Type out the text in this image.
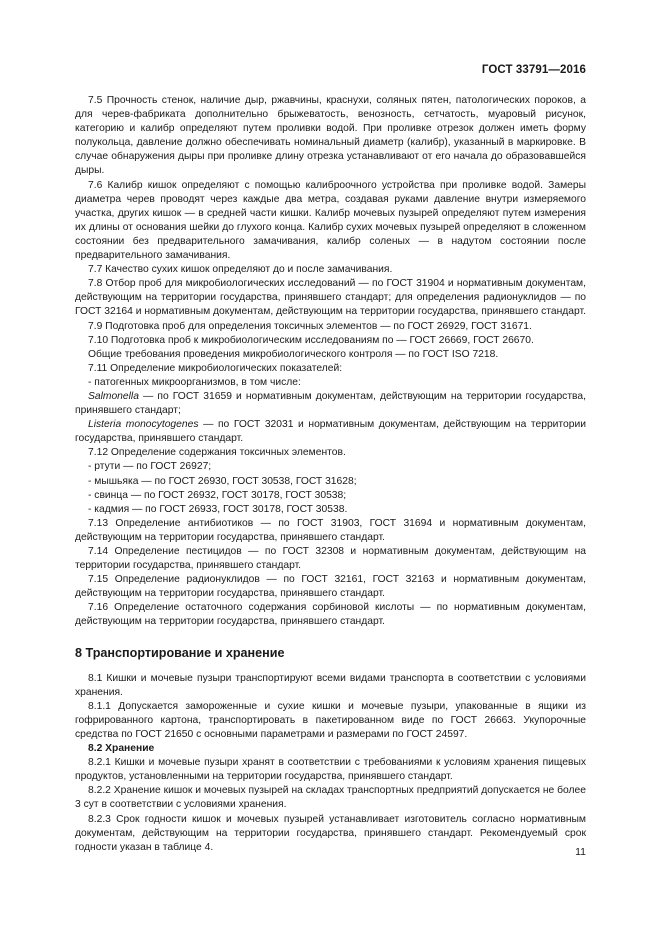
ГОСТ 33791—2016

7.5 Прочность стенок, наличие дыр, ржавчины, краснухи, соляных пятен, патологических пороков, а для черев-фабриката дополнительно брыжеватость, венозность, сетчатость, муаровый рисунок, категорию и калибр определяют путем проливки водой. При проливке отрезок должен иметь форму полукольца, давление должно обеспечивать номинальный диаметр (калибр), указанный в маркировке. В случае обнаружения дыры при проливке длину отрезка устанавливают от его начала до образовавшейся дыры.

7.6 Калибр кишок определяют с помощью калиброочного устройства при проливке водой. Замеры диаметра черев проводят через каждые два метра, создавая руками давление внутри измеряемого участка, других кишок — в средней части кишки. Калибр мочевых пузырей определяют путем измерения их длины от основания шейки до глухого конца. Калибр сухих мочевых пузырей определяют в сложенном состоянии без предварительного замачивания, калибр соленых — в надутом состоянии после предварительного замачивания.

7.7 Качество сухих кишок определяют до и после замачивания.

7.8 Отбор проб для микробиологических исследований — по ГОСТ 31904 и нормативным документам, действующим на территории государства, принявшего стандарт; для определения радионуклидов — по ГОСТ 32164 и нормативным документам, действующим на территории государства, принявшего стандарт.

7.9 Подготовка проб для определения токсичных элементов — по ГОСТ 26929, ГОСТ 31671.

7.10 Подготовка проб к микробиологическим исследованиям по — ГОСТ 26669, ГОСТ 26670.

Общие требования проведения микробиологического контроля — по ГОСТ ISO 7218.

7.11 Определение микробиологических показателей:

- патогенных микроорганизмов, в том числе:

Salmonella — по ГОСТ 31659 и нормативным документам, действующим на территории государства, принявшего стандарт;

Listeria monocytogenes — по ГОСТ 32031 и нормативным документам, действующим на территории государства, принявшего стандарт.

7.12 Определение содержания токсичных элементов.

- ртути — по ГОСТ 26927;

- мышьяка — по ГОСТ 26930, ГОСТ 30538, ГОСТ 31628;

- свинца — по ГОСТ 26932, ГОСТ 30178, ГОСТ 30538;

- кадмия — по ГОСТ 26933, ГОСТ 30178, ГОСТ 30538.

7.13 Определение антибиотиков — по ГОСТ 31903, ГОСТ 31694 и нормативным документам, действующим на территории государства, принявшего стандарт.

7.14 Определение пестицидов — по ГОСТ 32308 и нормативным документам, действующим на территории государства, принявшего стандарт.

7.15 Определение радионуклидов — по ГОСТ 32161, ГОСТ 32163 и нормативным документам, действующим на территории государства, принявшего стандарт.

7.16 Определение остаточного содержания сорбиновой кислоты — по нормативным документам, действующим на территории государства, принявшего стандарт.

8 Транспортирование и хранение

8.1 Кишки и мочевые пузыри транспортируют всеми видами транспорта в соответствии с условиями хранения.

8.1.1 Допускается замороженные и сухие кишки и мочевые пузыри, упакованные в ящики из гофрированного картона, транспортировать в пакетированном виде по ГОСТ 26663. Укупорочные средства по ГОСТ 21650 с основными параметрами и размерами по ГОСТ 24597.

8.2 Хранение

8.2.1 Кишки и мочевые пузыри хранят в соответствии с требованиями к условиям хранения пищевых продуктов, установленными на территории государства, принявшего стандарт.

8.2.2 Хранение кишок и мочевых пузырей на складах транспортных предприятий допускается не более 3 сут в соответствии с условиями хранения.

8.2.3 Срок годности кишок и мочевых пузырей устанавливает изготовитель согласно нормативным документам, действующим на территории государства, принявшего стандарт. Рекомендуемый срок годности указан в таблице 4.	11
